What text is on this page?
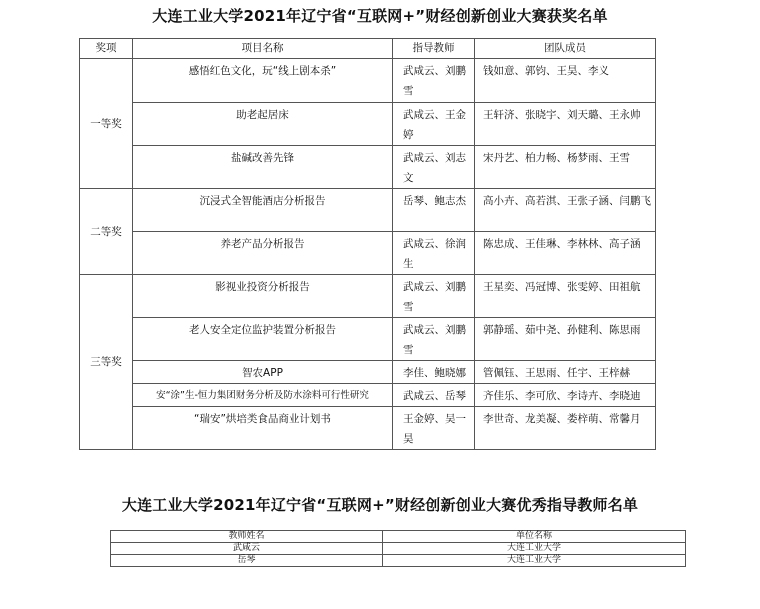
大连工业大学2021年辽宁省“互联网+”财经创新创业大赛获奖名单
奖项	项目名称	指导教师	团队成员
一等奖	感悟红色文化，玩“线上剧本杀”	武咸云、刘鹏雪	钱如意、郭钧、王昊、李义
	助老起居床	武咸云、王金婷	王轩济、张晓宇、刘天璐、王永帅
	盐碱改善先锋	武咸云、刘志文	宋丹艺、柏力畅、杨梦雨、王雪
二等奖	沉浸式全智能酒店分析报告	岳琴、鲍志杰	高小卉、高若淇、王张子涵、闫鹏飞
	养老产品分析报告	武咸云、徐润生	陈忠成、王佳琳、李林林、高子涵
三等奖	影视业投资分析报告	武咸云、刘鹏雪	王星奕、冯冠博、张雯婷、田祖航
	老人安全定位监护装置分析报告	武咸云、刘鹏雪	郭静瑶、茹中尧、孙健利、陈思雨
	智农APP	李佳、鲍晓娜	管佩钰、王思雨、任宇、王梓赫
	安“涂”生-恒力集团财务分析及防水涂料可行性研究	武咸云、岳琴	齐佳乐、李可欣、李诗卉、李晓迪
	“瑞安”烘培类食品商业计划书	王金婷、吴一昊	李世奇、龙美凝、娄梓萌、常馨月
大连工业大学2021年辽宁省“互联网+”财经创新创业大赛优秀指导教师名单
教师姓名	单位名称
武咸云	大连工业大学
岳琴	大连工业大学
